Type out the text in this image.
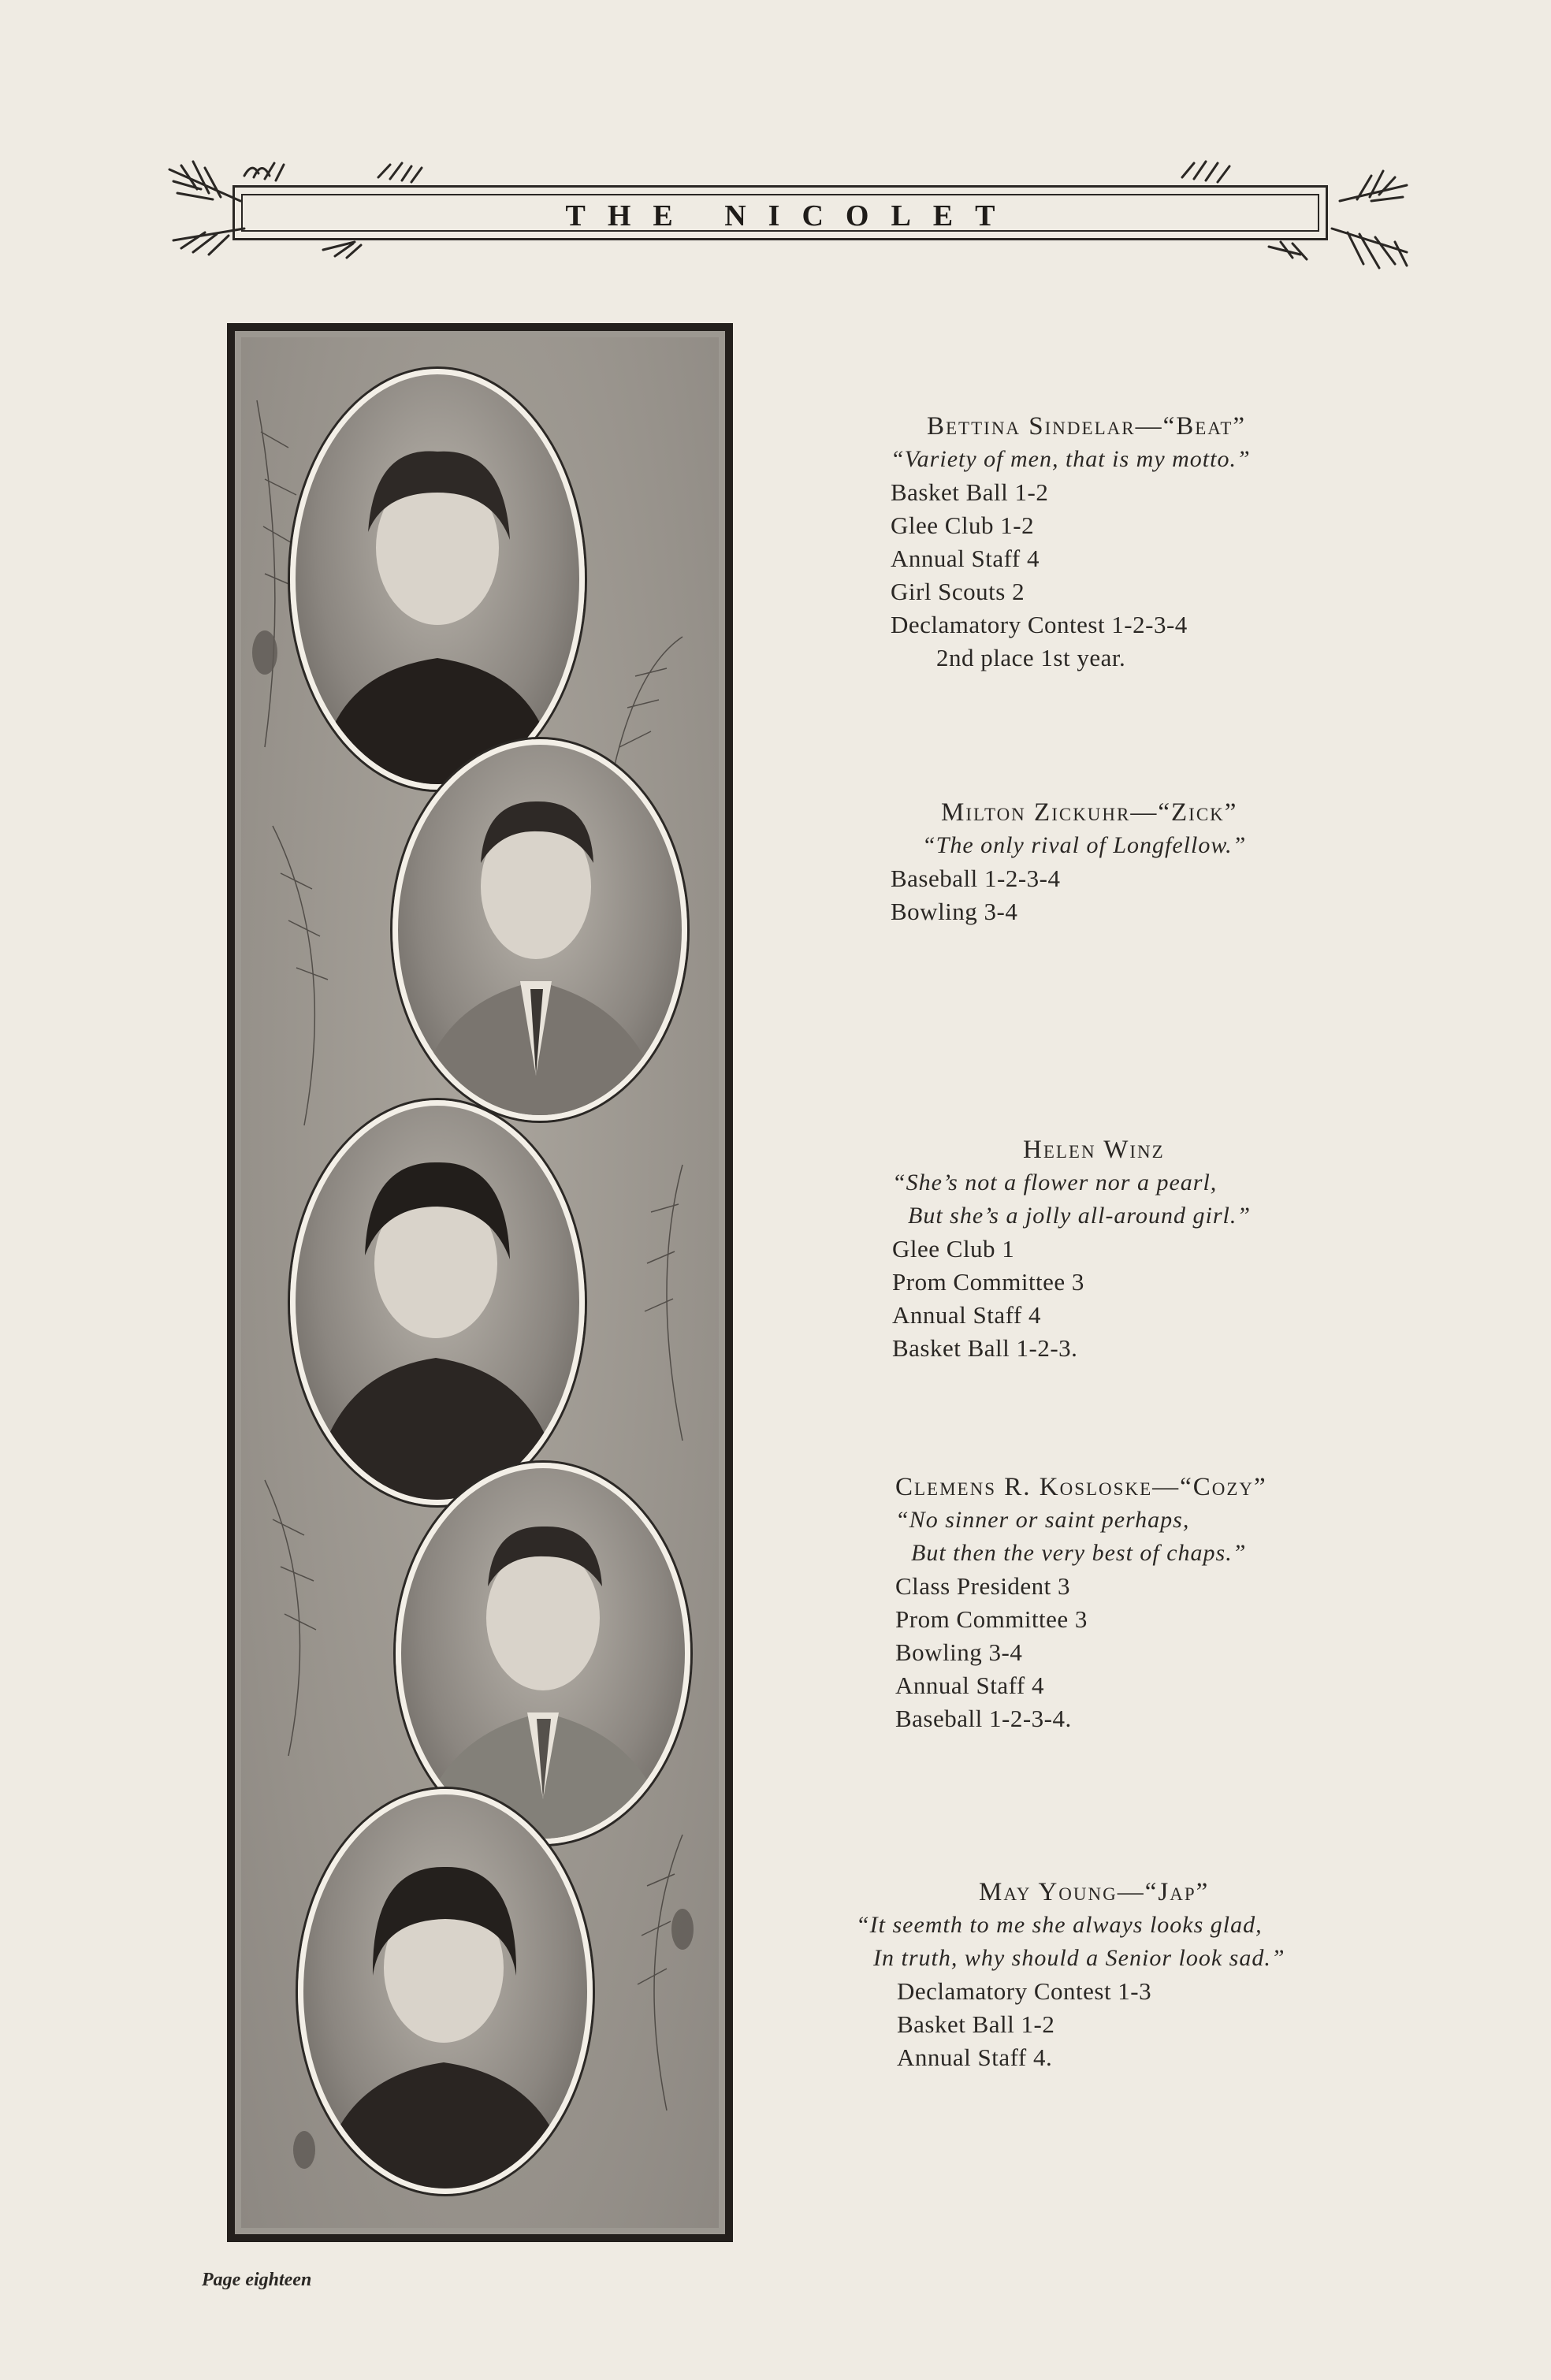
THE NICOLET
Bettina Sindelar—“Beat”
“Variety of men, that is my motto.”
Basket Ball 1-2
Glee Club 1-2
Annual Staff 4
Girl Scouts 2
Declamatory Contest 1-2-3-4
2nd place 1st year.
Milton Zickuhr—“Zick”
“The only rival of Longfellow.”
Baseball 1-2-3-4
Bowling 3-4
Helen Winz
“She’s not a flower nor a pearl,
But she’s a jolly all-around girl.”
Glee Club 1
Prom Committee 3
Annual Staff 4
Basket Ball 1-2-3.
Clemens R. Kosloske—“Cozy”
“No sinner or saint perhaps,
But then the very best of chaps.”
Class President 3
Prom Committee 3
Bowling 3-4
Annual Staff 4
Baseball 1-2-3-4.
May Young—“Jap”
“It seemth to me she always looks glad,
In truth, why should a Senior look sad.”
Declamatory Contest 1-3
Basket Ball 1-2
Annual Staff 4.
Page eighteen
